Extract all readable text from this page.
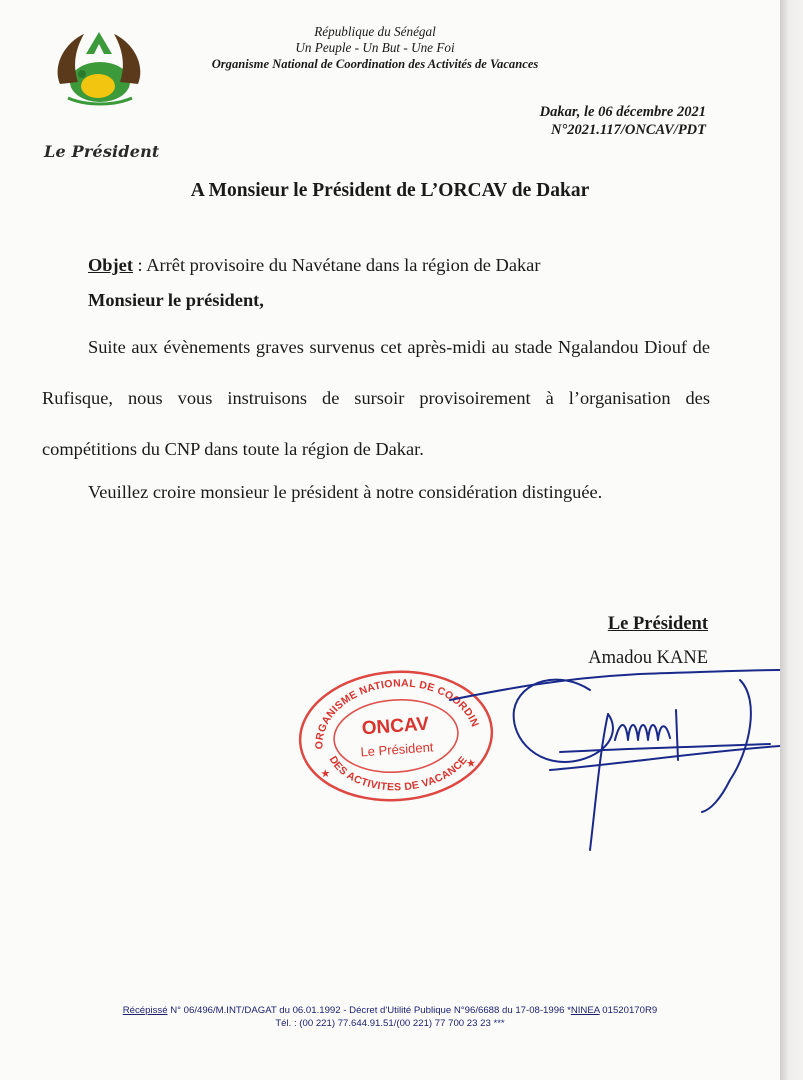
République du Sénégal
Un Peuple - Un But - Une Foi
Organisme National de Coordination des Activités de Vacances
Dakar, le 06 décembre 2021
N°2021.117/ONCAV/PDT
Le Président
A Monsieur le Président de L’ORCAV de Dakar
Objet : Arrêt provisoire du Navétane dans la région de Dakar
Monsieur le président,
Suite aux évènements graves survenus cet après-midi au stade Ngalandou Diouf de Rufisque, nous vous instruisons de sursoir provisoirement à l’organisation des compétitions du CNP dans toute la région de Dakar.
Veuillez croire monsieur le président à notre considération distinguée.
Le Président
Amadou KANE
ORGANISME NATIONAL DE COORDINATION
DES ACTIVITES DE VACANCES
ONCAV
Le Président
★
★
Récépissé N° 06/496/M.INT/DAGAT du 06.01.1992 - Décret d'Utilité Publique N°96/6688 du 17-08-1996 *NINEA 01520170R9
Tél. : (00 221) 77.644.91.51/(00 221) 77 700 23 23 ***
